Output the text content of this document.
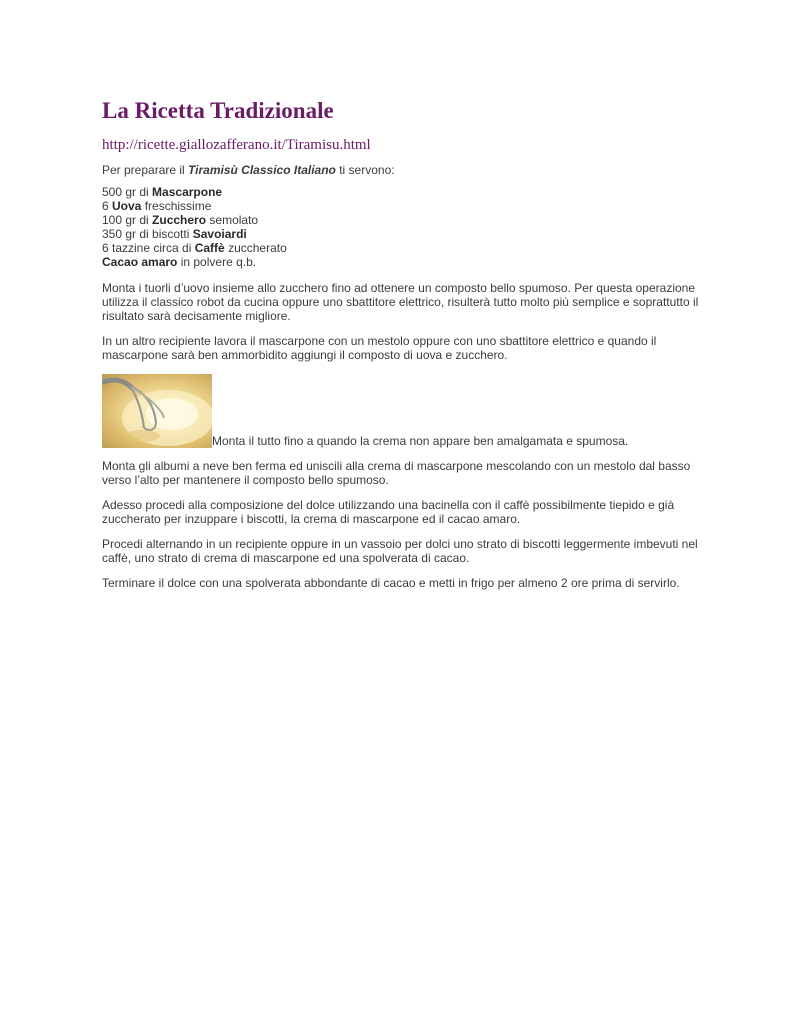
La Ricetta Tradizionale
http://ricette.giallozafferano.it/Tiramisu.html

Per preparare il Tiramisù Classico Italiano ti servono:

500 gr di Mascarpone
6 Uova freschissime
100 gr di Zucchero semolato
350 gr di biscotti Savoiardi
6 tazzine circa di Caffè zuccherato
Cacao amaro in polvere q.b.

Monta i tuorli d’uovo insieme allo zucchero fino ad ottenere un composto bello spumoso. Per questa operazione utilizza il classico robot da cucina oppure uno sbattitore elettrico, risulterà tutto molto più semplice e soprattutto il risultato sarà decisamente migliore.

In un altro recipiente lavora il mascarpone con un mestolo oppure con uno sbattitore elettrico e quando il mascarpone sarà ben ammorbidito aggiungi il composto di uova e zucchero.

Monta il tutto fino a quando la crema non appare ben amalgamata e spumosa.

Monta gli albumi a neve ben ferma ed uniscili alla crema di mascarpone mescolando con un mestolo dal basso verso l’alto per mantenere il composto bello spumoso.

Adesso procedi alla composizione del dolce utilizzando una bacinella con il caffè possibilmente tiepido e già zuccherato per inzuppare i biscotti, la crema di mascarpone ed il cacao amaro.

Procedi alternando in un recipiente oppure in un vassoio per dolci uno strato di biscotti leggermente imbevuti nel caffè, uno strato di crema di mascarpone ed una spolverata di cacao.

Terminare il dolce con una spolverata abbondante di cacao e metti in frigo per almeno 2 ore prima di servirlo.
